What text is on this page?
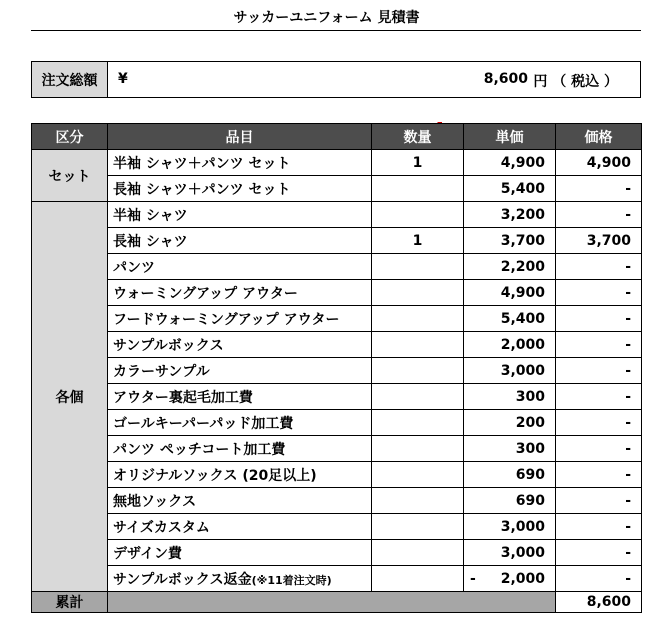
サッカーユニフォーム 見積書
注文総額	¥	8,600 円 （ 税込 ）
区分	品目	数量	単価	価格
セット	半袖 シャツ＋パンツ セット	1	4,900	4,900
	長袖 シャツ＋パンツ セット		5,400	-
各個	半袖 シャツ		3,200	-
	長袖 シャツ	1	3,700	3,700
	パンツ		2,200	-
	ウォーミングアップ アウター		4,900	-
	フードウォーミングアップ アウター		5,400	-
	サンプルボックス		2,000	-
	カラーサンプル		3,000	-
	アウター裏起毛加工費		300	-
	ゴールキーパーパッド加工費		200	-
	パンツ ペッチコート加工費		300	-
	オリジナルソックス (20足以上)		690	-
	無地ソックス		690	-
	サイズカスタム		3,000	-
	デザイン費		3,000	-
	サンプルボックス返金(※11着注文時)		- 2,000	-
累計				8,600
